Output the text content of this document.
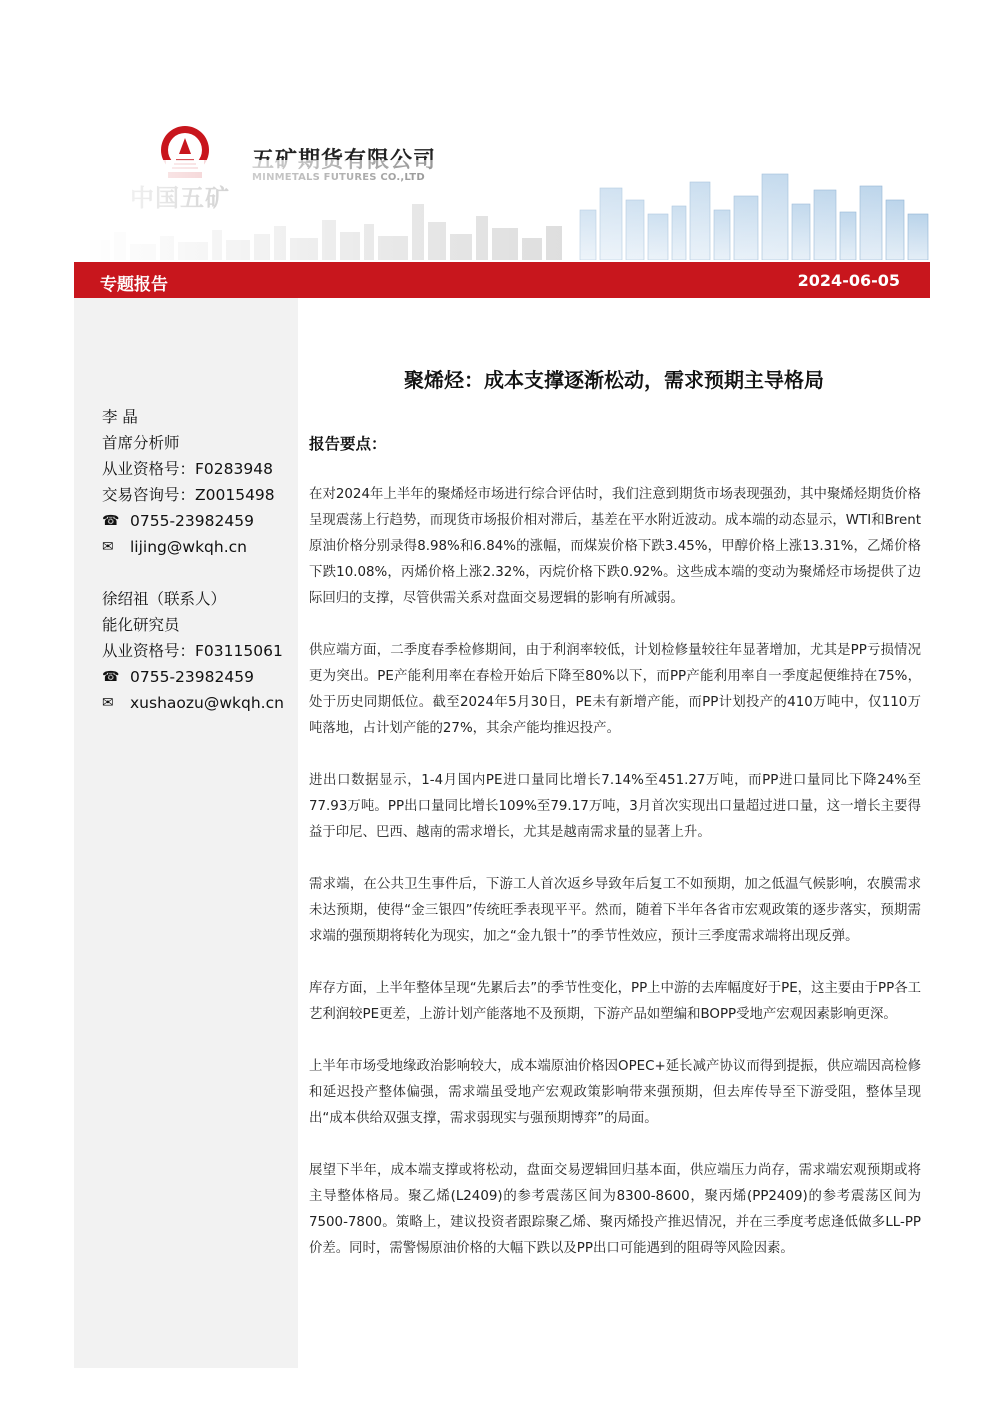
专题报告	2024-06-05
李 晶
首席分析师
从业资格号：F0283948
交易咨询号：Z0015498
☎ 0755-23982459
✉	lijing@wkqh.cn
徐绍祖（联系人）
能化研究员
从业资格号：F03115061
☎ 0755-23982459
✉	xushaozu@wkqh.cn
聚烯烃：成本支撑逐渐松动，需求预期主导格局
报告要点：

在对2024年上半年的聚烯烃市场进行综合评估时，我们注意到期货市场表现强劲，其中聚烯烃期货价格呈现震荡上行趋势，而现货市场报价相对滞后，基差在平水附近波动。成本端的动态显示，WTI和Brent原油价格分别录得8.98%和6.84%的涨幅，而煤炭价格下跌3.45%，甲醇价格上涨13.31%，乙烯价格下跌10.08%，丙烯价格上涨2.32%，丙烷价格下跌0.92%。这些成本端的变动为聚烯烃市场提供了边际回归的支撑，尽管供需关系对盘面交易逻辑的影响有所减弱。

供应端方面，二季度春季检修期间，由于利润率较低，计划检修量较往年显著增加，尤其是PP亏损情况更为突出。PE产能利用率在春检开始后下降至80%以下，而PP产能利用率自一季度起便维持在75%，处于历史同期低位。截至2024年5月30日，PE未有新增产能，而PP计划投产的410万吨中，仅110万吨落地，占计划产能的27%，其余产能均推迟投产。

进出口数据显示，1-4月国内PE进口量同比增长7.14%至451.27万吨，而PP进口量同比下降24%至77.93万吨。PP出口量同比增长109%至79.17万吨，3月首次实现出口量超过进口量，这一增长主要得益于印尼、巴西、越南的需求增长，尤其是越南需求量的显著上升。

需求端，在公共卫生事件后，下游工人首次返乡导致年后复工不如预期，加之低温气候影响，农膜需求未达预期，使得“金三银四”传统旺季表现平平。然而，随着下半年各省市宏观政策的逐步落实，预期需求端的强预期将转化为现实，加之“金九银十”的季节性效应，预计三季度需求端将出现反弹。

库存方面，上半年整体呈现“先累后去”的季节性变化，PP上中游的去库幅度好于PE，这主要由于PP各工艺利润较PE更差，上游计划产能落地不及预期，下游产品如塑编和BOPP受地产宏观因素影响更深。

上半年市场受地缘政治影响较大，成本端原油价格因OPEC+延长减产协议而得到提振，供应端因高检修和延迟投产整体偏强，需求端虽受地产宏观政策影响带来强预期，但去库传导至下游受阻，整体呈现出“成本供给双强支撑，需求弱现实与强预期博弈”的局面。

展望下半年，成本端支撑或将松动，盘面交易逻辑回归基本面，供应端压力尚存，需求端宏观预期或将主导整体格局。聚乙烯(L2409)的参考震荡区间为8300-8600，聚丙烯(PP2409)的参考震荡区间为7500-7800。策略上，建议投资者跟踪聚乙烯、聚丙烯投产推迟情况，并在三季度考虑逢低做多LL-PP价差。同时，需警惕原油价格的大幅下跌以及PP出口可能遇到的阻碍等风险因素。
